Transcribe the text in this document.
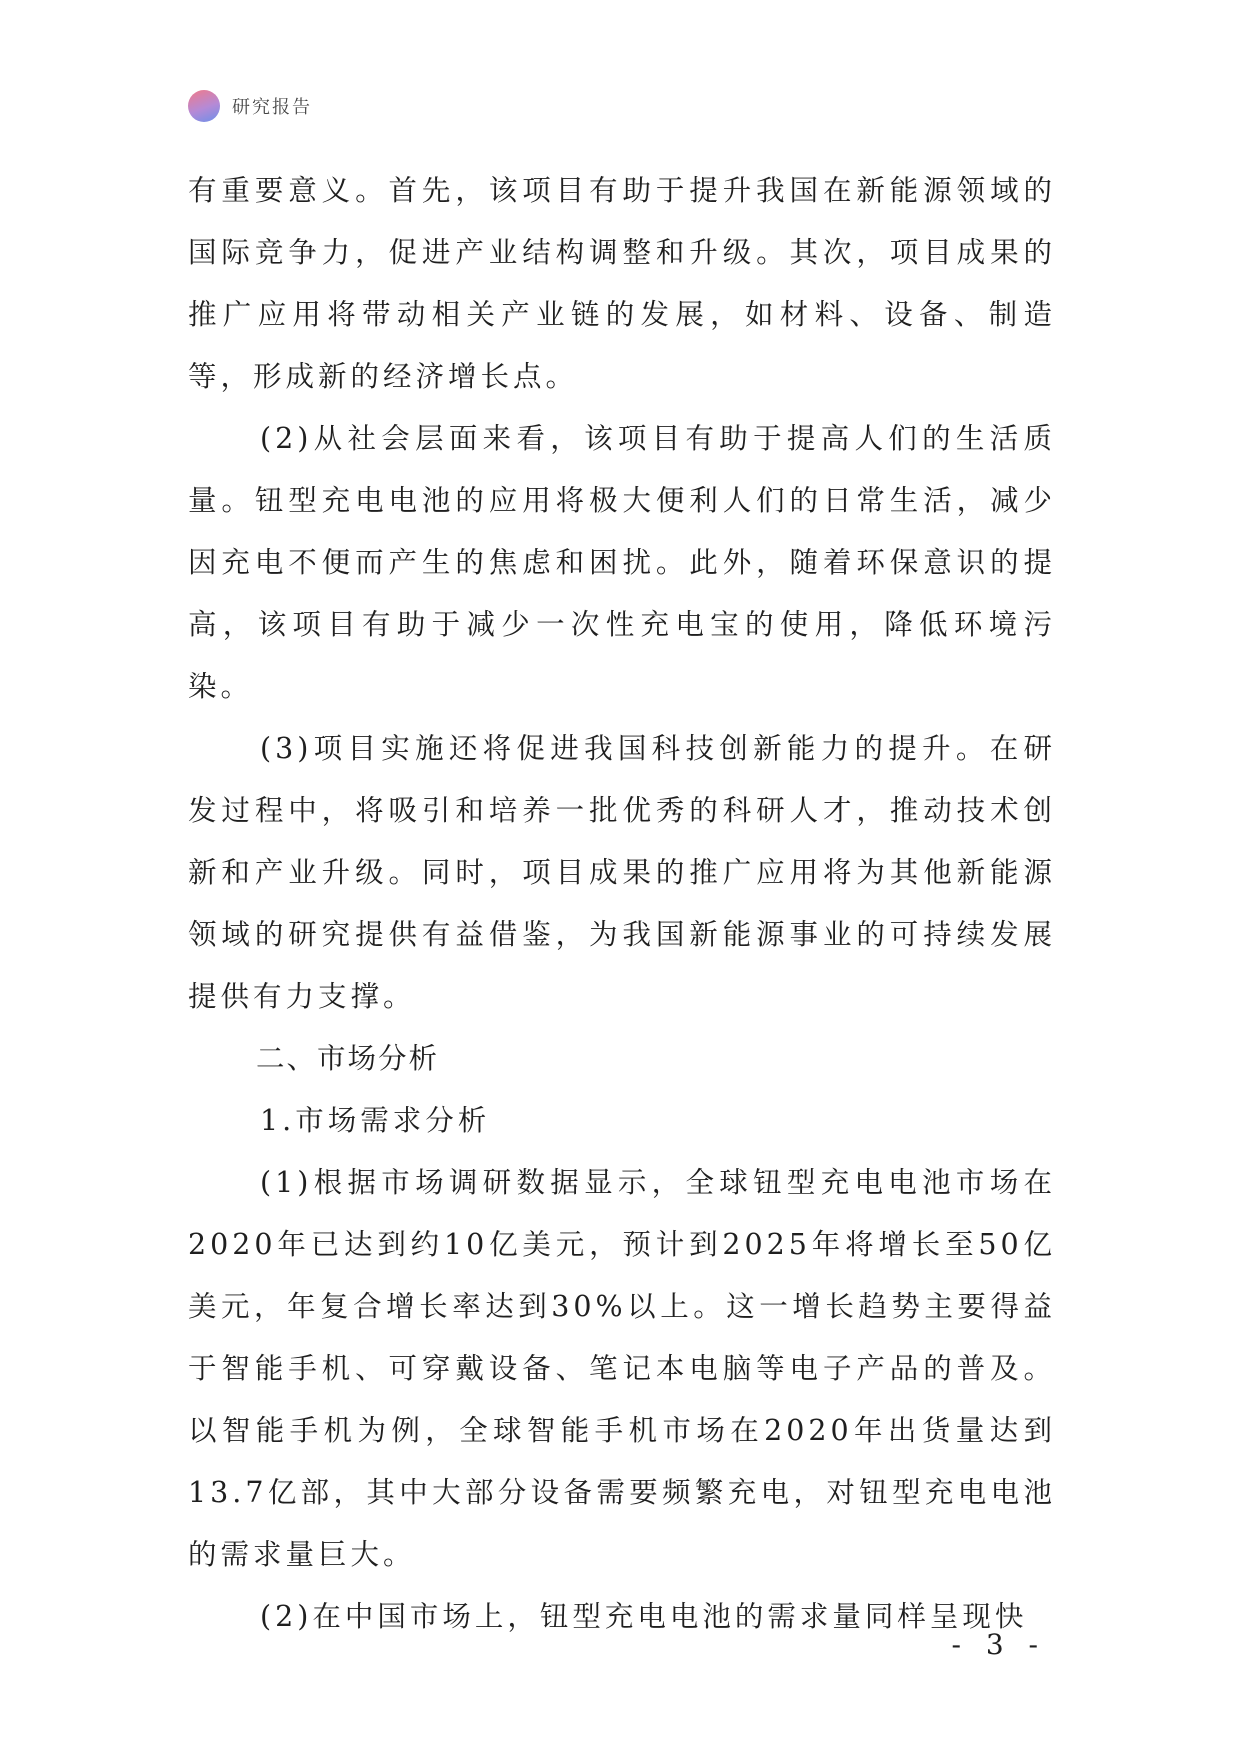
研究报告

有重要意义。首先，该项目有助于提升我国在新能源领域的国际竞争力，促进产业结构调整和升级。其次，项目成果的推广应用将带动相关产业链的发展，如材料、设备、制造等，形成新的经济增长点。

(2)从社会层面来看，该项目有助于提高人们的生活质量。钮型充电电池的应用将极大便利人们的日常生活，减少因充电不便而产生的焦虑和困扰。此外，随着环保意识的提高，该项目有助于减少一次性充电宝的使用，降低环境污染。

(3)项目实施还将促进我国科技创新能力的提升。在研发过程中，将吸引和培养一批优秀的科研人才，推动技术创新和产业升级。同时，项目成果的推广应用将为其他新能源领域的研究提供有益借鉴，为我国新能源事业的可持续发展提供有力支撑。

二、市场分析

1.市场需求分析

(1)根据市场调研数据显示，全球钮型充电电池市场在2020年已达到约10亿美元，预计到2025年将增长至50亿美元，年复合增长率达到30%以上。这一增长趋势主要得益于智能手机、可穿戴设备、笔记本电脑等电子产品的普及。以智能手机为例，全球智能手机市场在2020年出货量达到13.7亿部，其中大部分设备需要频繁充电，对钮型充电电池的需求量巨大。

(2)在中国市场上，钮型充电电池的需求量同样呈现快

- 3 -
